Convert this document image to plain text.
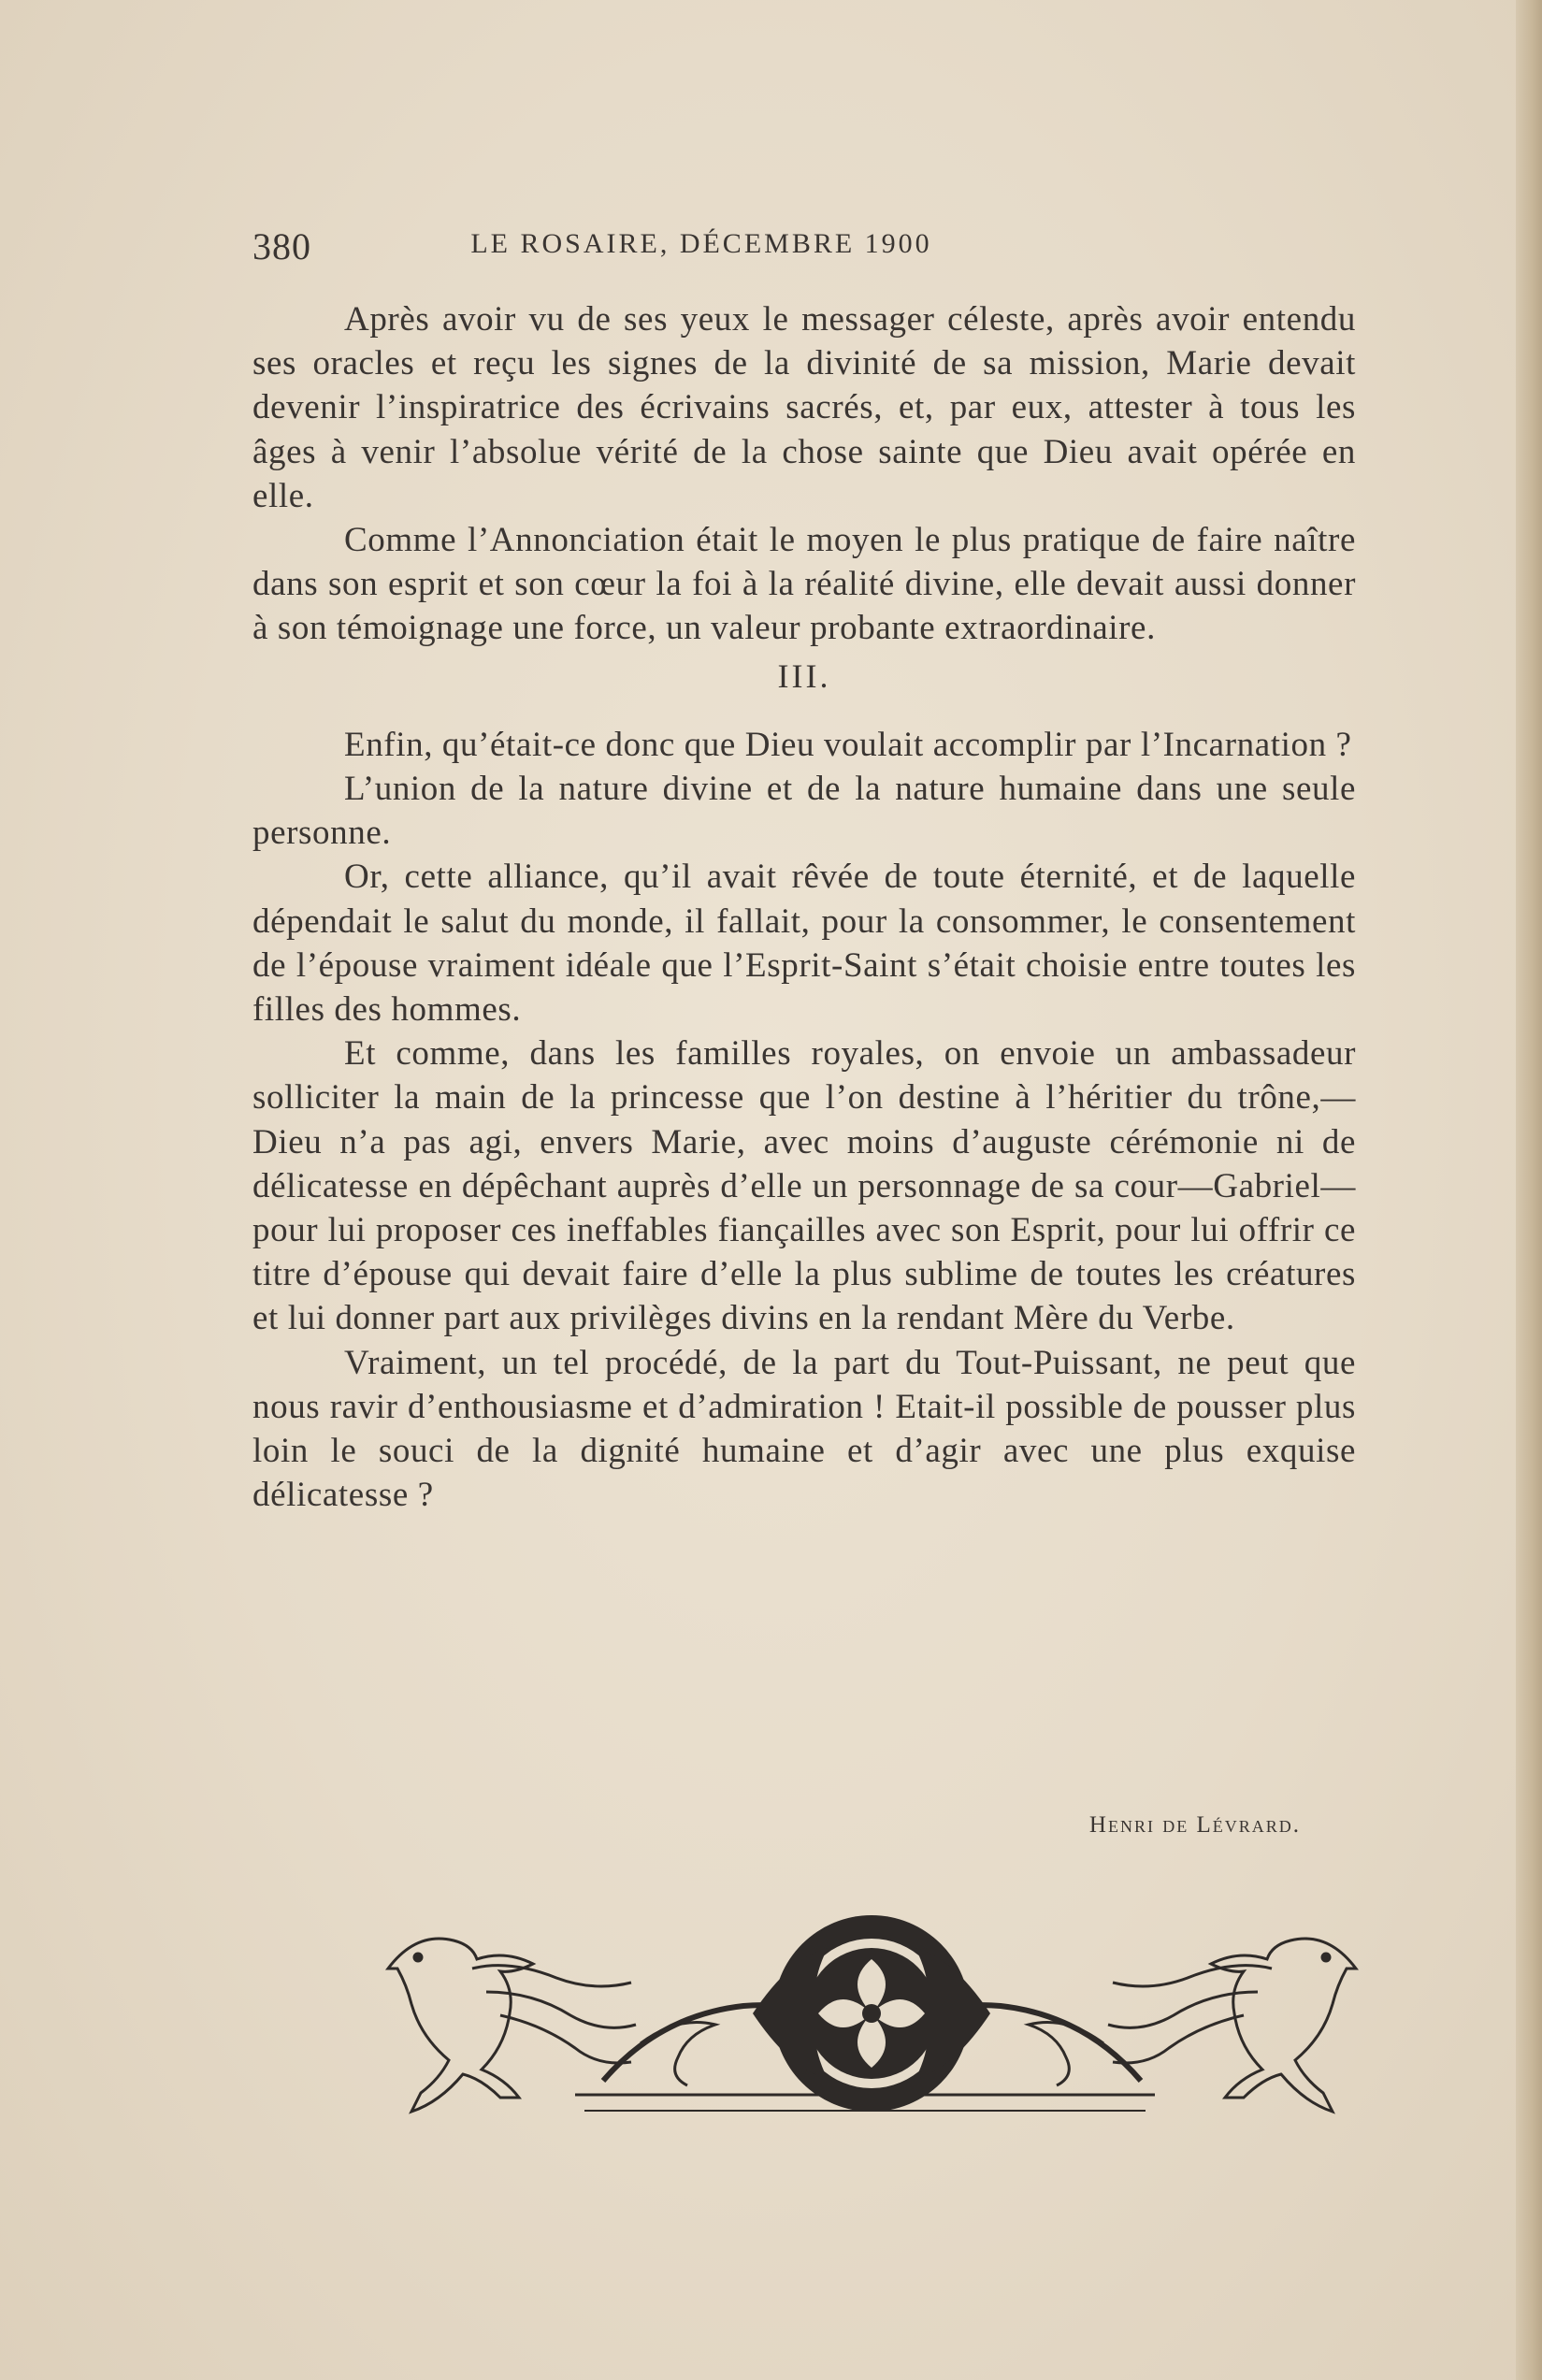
380	LE ROSAIRE, DÉCEMBRE 1900

Après avoir vu de ses yeux le messager céleste, après avoir entendu ses oracles et reçu les signes de la divinité de sa mission, Marie devait devenir l’inspiratrice des écrivains sacrés, et, par eux, attester à tous les âges à venir l’absolue vérité de la chose sainte que Dieu avait opérée en elle.

Comme l’Annonciation était le moyen le plus pratique de faire naître dans son esprit et son cœur la foi à la réalité divine, elle devait aussi donner à son témoignage une force, un valeur probante extraordinaire.

III.

Enfin, qu’était-ce donc que Dieu voulait accomplir par l’Incarnation ?

L’union de la nature divine et de la nature humaine dans une seule personne.

Or, cette alliance, qu’il avait rêvée de toute éternité, et de laquelle dépendait le salut du monde, il fallait, pour la consommer, le consentement de l’épouse vraiment idéale que l’Esprit-Saint s’était choisie entre toutes les filles des hommes.

Et comme, dans les familles royales, on envoie un ambassadeur solliciter la main de la princesse que l’on destine à l’héritier du trône,—Dieu n’a pas agi, envers Marie, avec moins d’auguste cérémonie ni de délicatesse en dépêchant auprès d’elle un personnage de sa cour—Gabriel—pour lui proposer ces ineffables fiançailles avec son Esprit, pour lui offrir ce titre d’épouse qui devait faire d’elle la plus sublime de toutes les créatures et lui donner part aux privilèges divins en la rendant Mère du Verbe.

Vraiment, un tel procédé, de la part du Tout-Puissant, ne peut que nous ravir d’enthousiasme et d’admiration ! Etait-il possible de pousser plus loin le souci de la dignité humaine et d’agir avec une plus exquise délicatesse ?

Henri de Lévrard.
